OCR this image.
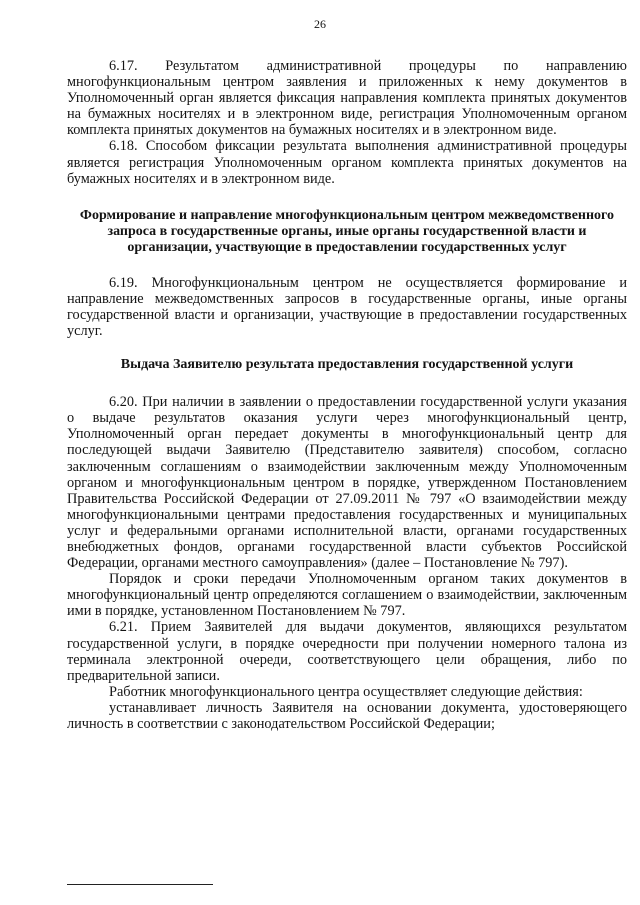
26

6.17. Результатом административной процедуры по направлению многофункциональным центром заявления и приложенных к нему документов в Уполномоченный орган является фиксация направления комплекта принятых документов на бумажных носителях и в электронном виде, регистрация Уполномоченным органом комплекта принятых документов на бумажных носителях и в электронном виде.

6.18. Способом фиксации результата выполнения административной процедуры является регистрация Уполномоченным органом комплекта принятых документов на бумажных носителях и в электронном виде.

Формирование и направление многофункциональным центром межведомственного запроса в государственные органы, иные органы государственной власти и организации, участвующие в предоставлении государственных услуг

6.19. Многофункциональным центром не осуществляется формирование и направление межведомственных запросов в государственные органы, иные органы государственной власти и организации, участвующие в предоставлении государственных услуг.

Выдача Заявителю результата предоставления государственной услуги

6.20. При наличии в заявлении о предоставлении государственной услуги указания о выдаче результатов оказания услуги через многофункциональный центр, Уполномоченный орган передает документы в многофункциональный центр для последующей выдачи Заявителю (Представителю заявителя) способом, согласно заключенным соглашениям о взаимодействии заключенным между Уполномоченным органом и многофункциональным центром в порядке, утвержденном Постановлением Правительства Российской Федерации от 27.09.2011 № 797 «О взаимодействии между многофункциональными центрами предоставления государственных и муниципальных услуг и федеральными органами исполнительной власти, органами государственных внебюджетных фондов, органами государственной власти субъектов Российской Федерации, органами местного самоуправления» (далее – Постановление № 797).

Порядок и сроки передачи Уполномоченным органом таких документов в многофункциональный центр определяются соглашением о взаимодействии, заключенным ими в порядке, установленном Постановлением № 797.

6.21. Прием Заявителей для выдачи документов, являющихся результатом государственной услуги, в порядке очередности при получении номерного талона из терминала электронной очереди, соответствующего цели обращения, либо по предварительной записи.

Работник многофункционального центра осуществляет следующие действия:

устанавливает личность Заявителя на основании документа, удостоверяющего личность в соответствии с законодательством Российской Федерации;
